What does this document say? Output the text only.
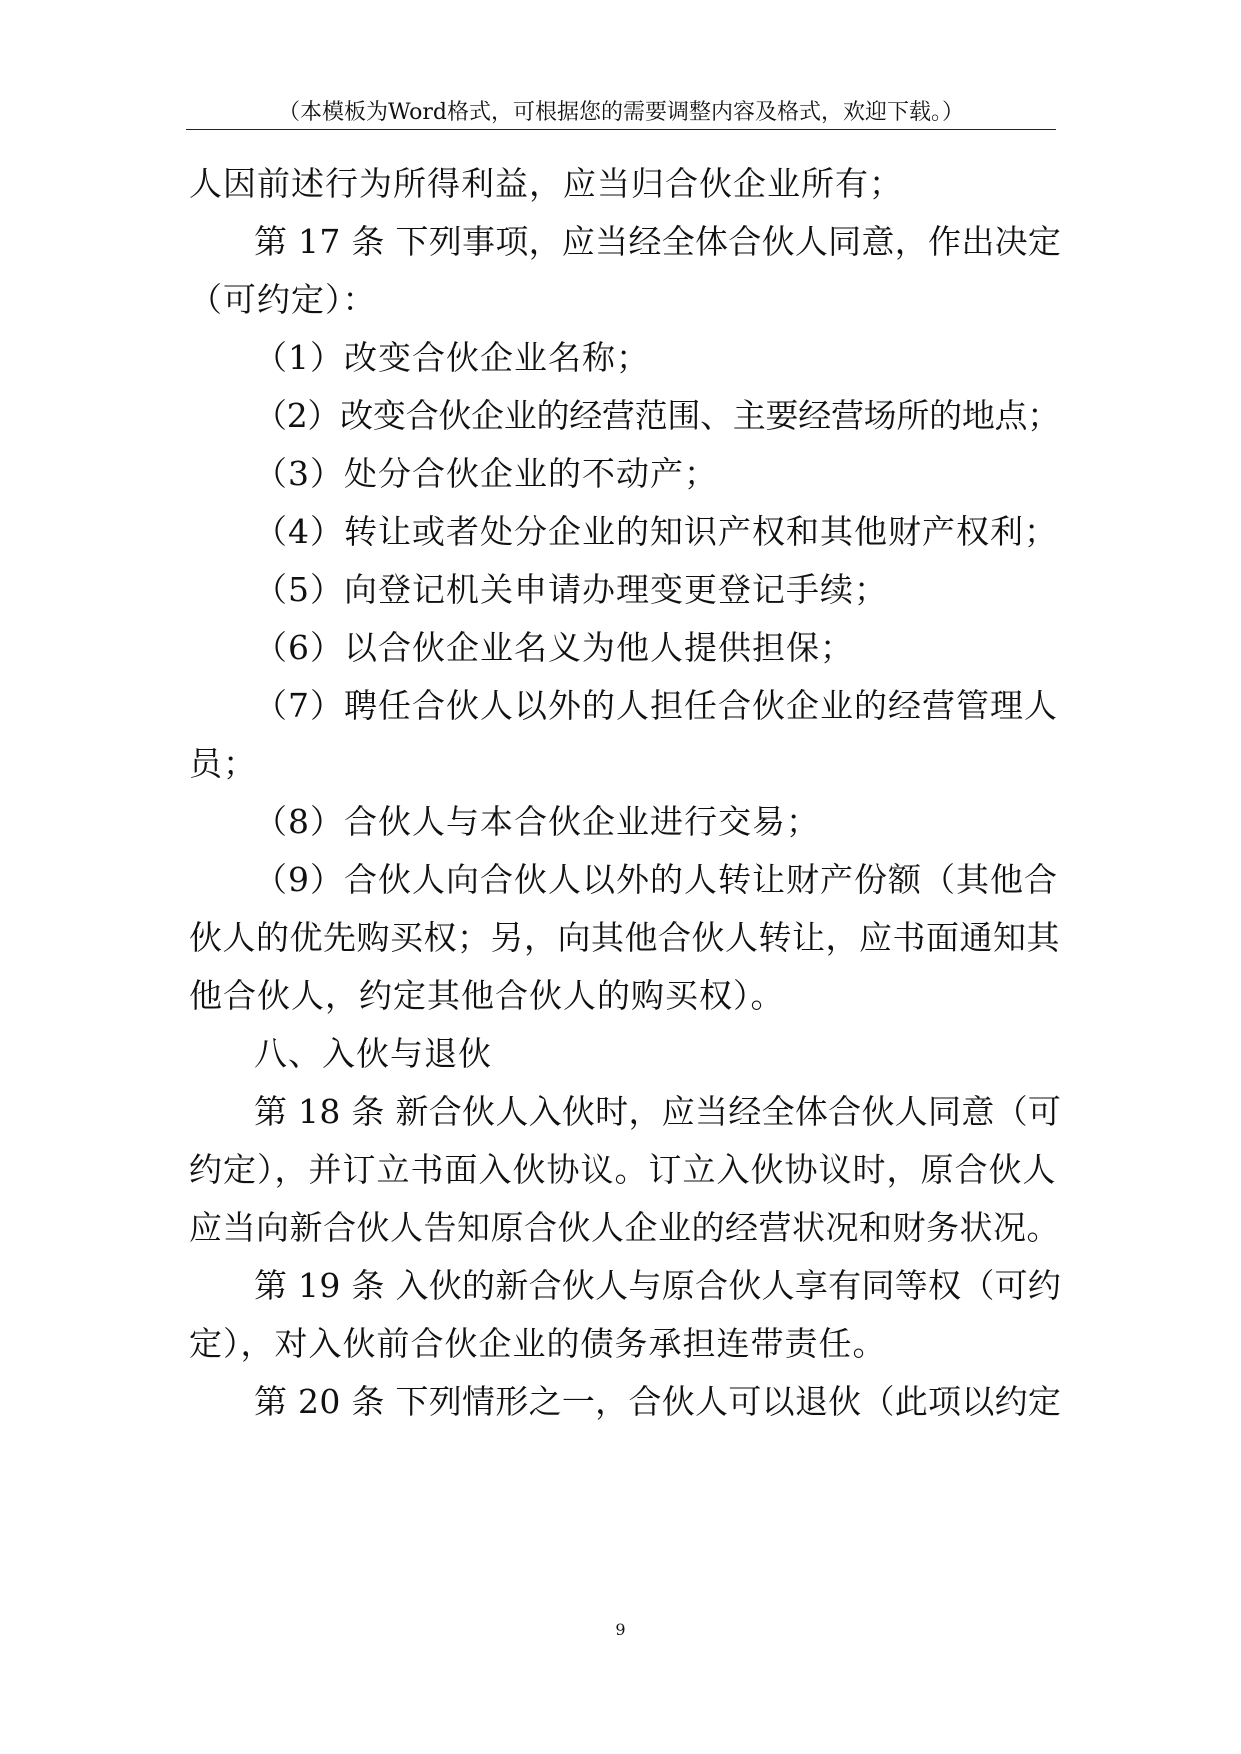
（本模板为Word格式，可根据您的需要调整内容及格式，欢迎下载。）
人因前述行为所得利益，应当归合伙企业所有；
第 17 条 下列事项，应当经全体合伙人同意，作出决定
（可约定）：
（1）改变合伙企业名称；
（2）改变合伙企业的经营范围、主要经营场所的地点；
（3）处分合伙企业的不动产；
（4）转让或者处分企业的知识产权和其他财产权利；
（5）向登记机关申请办理变更登记手续；
（6）以合伙企业名义为他人提供担保；
（7）聘任合伙人以外的人担任合伙企业的经营管理人
员；
（8）合伙人与本合伙企业进行交易；
（9）合伙人向合伙人以外的人转让财产份额（其他合
伙人的优先购买权；另，向其他合伙人转让，应书面通知其
他合伙人，约定其他合伙人的购买权）。
八、入伙与退伙
第 18 条 新合伙人入伙时，应当经全体合伙人同意（可
约定），并订立书面入伙协议。订立入伙协议时，原合伙人
应当向新合伙人告知原合伙人企业的经营状况和财务状况。
第 19 条 入伙的新合伙人与原合伙人享有同等权（可约
定），对入伙前合伙企业的债务承担连带责任。
第 20 条 下列情形之一，合伙人可以退伙（此项以约定
9
